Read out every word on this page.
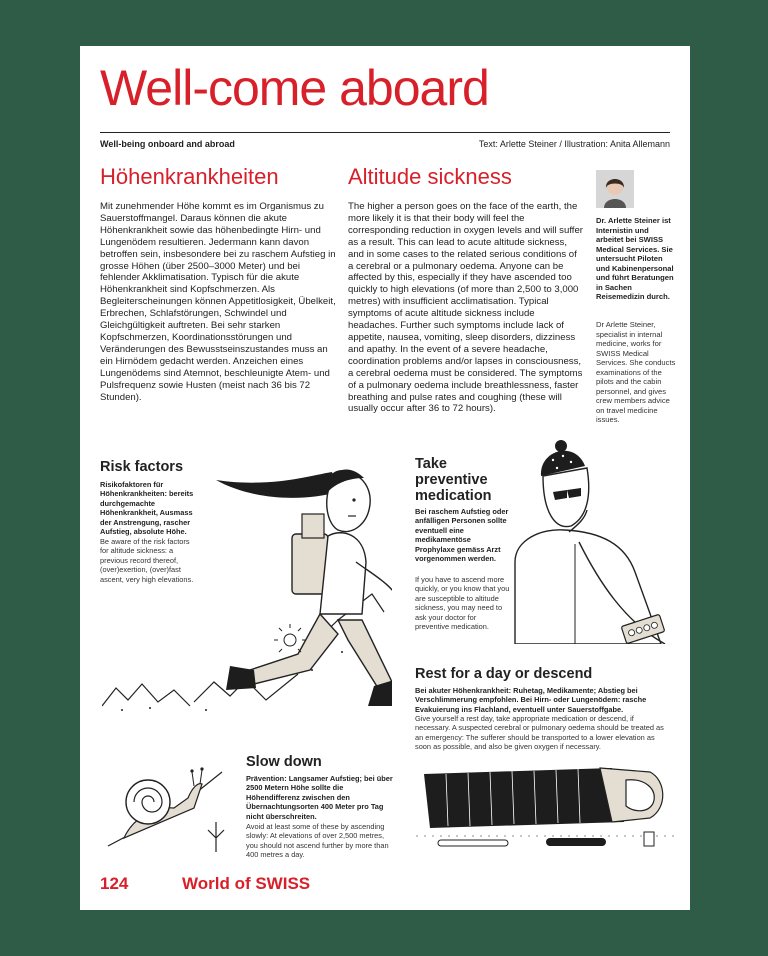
Well-come aboard
Well-being onboard and abroad	Text: Arlette Steiner / Illustration: Anita Allemann
Höhenkrankheiten

Mit zunehmender Höhe kommt es im Organismus zu Sauerstoffmangel. Daraus können die akute Höhenkrankheit sowie das höhenbedingte Hirn- und Lungenödem resultieren. Jedermann kann davon betroffen sein, insbesondere bei zu raschem Aufstieg in grosse Höhen (über 2500–3000 Meter) und bei fehlender Akklimatisation. Typisch für die akute Höhenkrankheit sind Kopfschmerzen. Als Begleiterscheinungen können Appetitlosigkeit, Übelkeit, Erbrechen, Schlafstörungen, Schwindel und Gleichgültigkeit auftreten. Bei sehr starken Kopfschmerzen, Koordinationsstörungen und Veränderungen des Bewusstseinszustandes muss an ein Hirnödem gedacht werden. Anzeichen eines Lungenödems sind Atemnot, beschleunigte Atem- und Pulsfrequenz sowie Husten (meist nach 36 bis 72 Stunden).

Altitude sickness

The higher a person goes on the face of the earth, the more likely it is that their body will feel the corresponding reduction in oxygen levels and will suffer as a result. This can lead to acute altitude sickness, and in some cases to the related serious conditions of a cerebral or a pulmonary oedema. Anyone can be affected by this, especially if they have ascended too quickly to high elevations (of more than 2,500 to 3,000 metres) with insufficient acclimatisation. Typical symptoms of acute altitude sickness include headaches. Further such symptoms include lack of appetite, nausea, vomiting, sleep disorders, dizziness and apathy. In the event of a severe headache, coordination problems and/or lapses in consciousness, a cerebral oedema must be considered. The symptoms of a pulmonary oedema include breathlessness, faster breathing and pulse rates and coughing (these will usually occur after 36 to 72 hours).

Dr. Arlette Steiner ist Internistin und arbeitet bei SWISS Medical Services. Sie untersucht Piloten und Kabinenpersonal und führt Beratungen in Sachen Reisemedizin durch.
Dr Arlette Steiner, specialist in internal medicine, works for SWISS Medical Services. She conducts examinations of the pilots and the cabin personnel, and gives crew members advice on travel medicine issues.
Risk factors
Risikofaktoren für Höhenkrankheiten: bereits durchgemachte Höhenkrankheit, Ausmass der Anstrengung, rascher Aufstieg, absolute Höhe.
Be aware of the risk factors for altitude sickness: a previous record thereof, (over)exertion, (over)fast ascent, very high elevations.
Take preventive medication
Bei raschem Aufstieg oder anfälligen Personen sollte eventuell eine medikamentöse Prophylaxe gemäss Arzt vorgenommen werden.
If you have to ascend more quickly, or you know that you are susceptible to altitude sickness, you may need to ask your doctor for preventive medication.
Rest for a day or descend
Bei akuter Höhenkrankheit: Ruhetag, Medikamente; Abstieg bei Verschlimmerung empfohlen. Bei Hirn- oder Lungenödem: rasche Evakuierung ins Flachland, eventuell unter Sauerstoffgabe.
Give yourself a rest day, take appropriate medication or descend, if necessary. A suspected cerebral or pulmonary oedema should be treated as an emergency: The sufferer should be transported to a lower elevation as soon as possible, and also be given oxygen if necessary.
Slow down
Prävention: Langsamer Aufstieg; bei über 2500 Metern Höhe sollte die Höhendifferenz zwischen den Übernachtungsorten 400 Meter pro Tag nicht überschreiten.
Avoid at least some of these by ascending slowly: At elevations of over 2,500 metres, you should not ascend further by more than 400 metres a day.
124	World of SWISS
